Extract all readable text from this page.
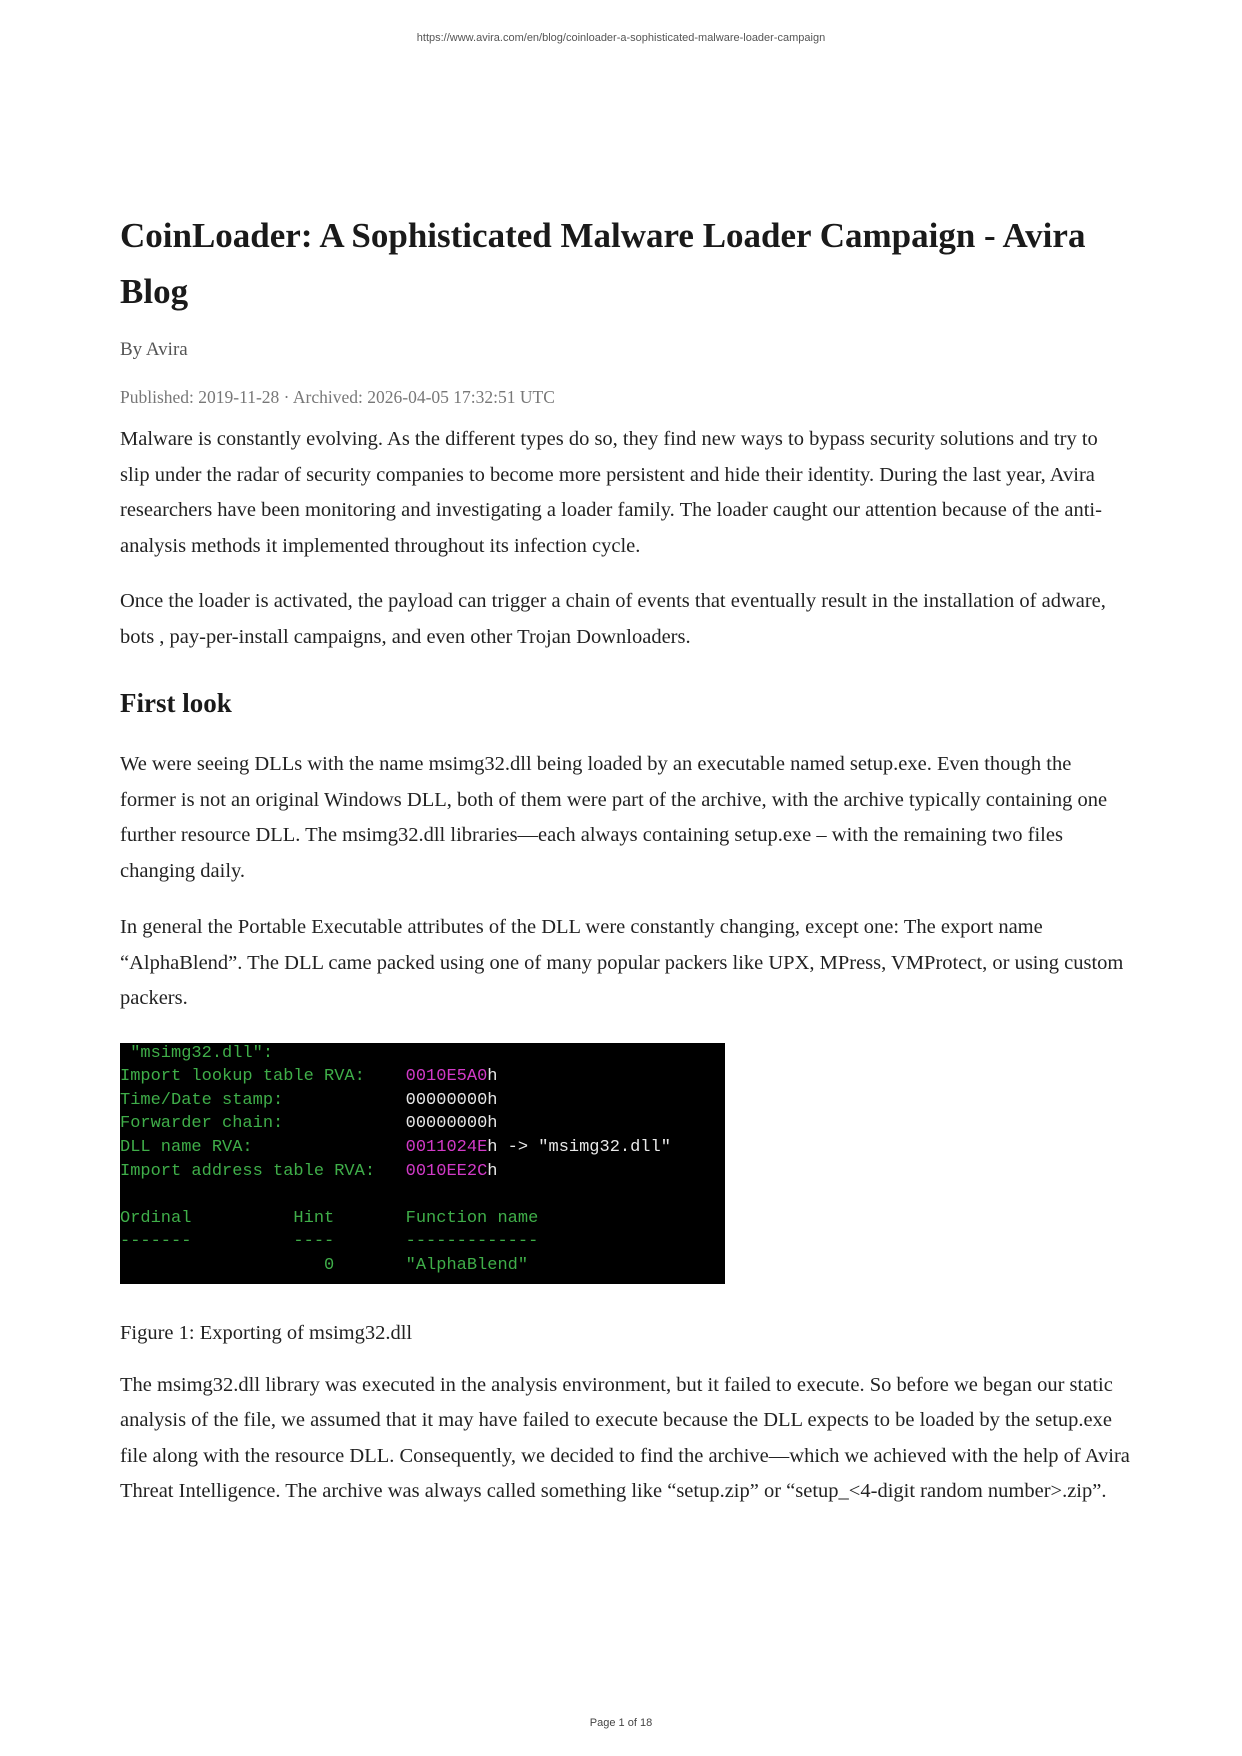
https://www.avira.com/en/blog/coinloader-a-sophisticated-malware-loader-campaign
CoinLoader: A Sophisticated Malware Loader Campaign - Avira Blog
By Avira
Published: 2019-11-28 · Archived: 2026-04-05 17:32:51 UTC

Malware is constantly evolving. As the different types do so, they find new ways to bypass security solutions and try to slip under the radar of security companies to become more persistent and hide their identity. During the last year, Avira researchers have been monitoring and investigating a loader family. The loader caught our attention because of the anti-analysis methods it implemented throughout its infection cycle.

Once the loader is activated, the payload can trigger a chain of events that eventually result in the installation of adware, bots , pay-per-install campaigns, and even other Trojan Downloaders.

First look

We were seeing DLLs with the name msimg32.dll being loaded by an executable named setup.exe. Even though the former is not an original Windows DLL, both of them were part of the archive, with the archive typically containing one further resource DLL. The msimg32.dll libraries—each always containing setup.exe – with the remaining two files changing daily.

In general the Portable Executable attributes of the DLL were constantly changing, except one: The export name “AlphaBlend”. The DLL came packed using one of many popular packers like UPX, MPress, VMProtect, or using custom packers.

"msimg32.dll":
Import lookup table RVA:    0010E5A0h
Time/Date stamp:            00000000h
Forwarder chain:            00000000h
DLL name RVA:               0011024Eh -> "msimg32.dll"
Import address table RVA:   0010EE2Ch
Ordinal          Hint       Function name
-------          ----       -------------
0       "AlphaBlend"
Figure 1: Exporting of msimg32.dll

The msimg32.dll library was executed in the analysis environment, but it failed to execute. So before we began our static analysis of the file, we assumed that it may have failed to execute because the DLL expects to be loaded by the setup.exe file along with the resource DLL. Consequently, we decided to find the archive—which we achieved with the help of Avira Threat Intelligence. The archive was always called something like “setup.zip” or “setup_<4-digit random number>.zip”.

Page 1 of 18
